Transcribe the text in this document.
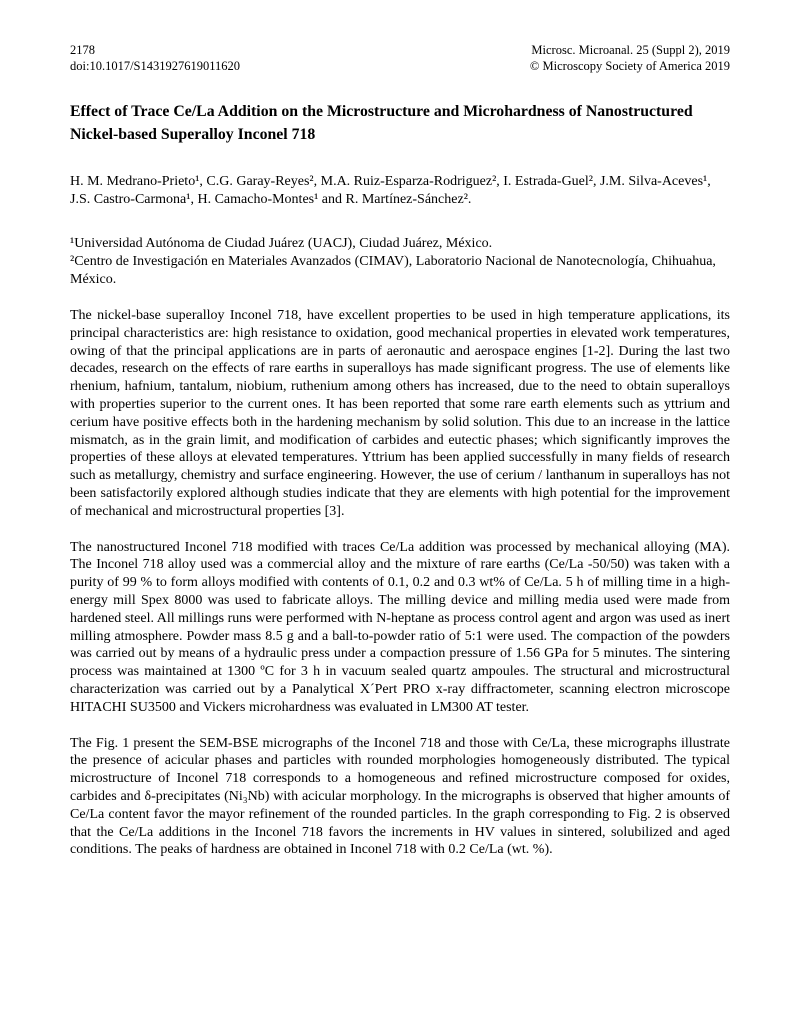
2178
doi:10.1017/S1431927619011620
Microsc. Microanal. 25 (Suppl 2), 2019
© Microscopy Society of America 2019
Effect of Trace Ce/La Addition on the Microstructure and Microhardness of Nanostructured Nickel-based Superalloy Inconel 718

H. M. Medrano-Prieto¹, C.G. Garay-Reyes², M.A. Ruiz-Esparza-Rodriguez², I. Estrada-Guel², J.M. Silva-Aceves¹, J.S. Castro-Carmona¹, H. Camacho-Montes¹ and R. Martínez-Sánchez².

¹Universidad Autónoma de Ciudad Juárez (UACJ), Ciudad Juárez, México.
²Centro de Investigación en Materiales Avanzados (CIMAV), Laboratorio Nacional de Nanotecnología, Chihuahua, México.

The nickel-base superalloy Inconel 718, have excellent properties to be used in high temperature applications, its principal characteristics are: high resistance to oxidation, good mechanical properties in elevated work temperatures, owing of that the principal applications are in parts of aeronautic and aerospace engines [1-2]. During the last two decades, research on the effects of rare earths in superalloys has made significant progress. The use of elements like rhenium, hafnium, tantalum, niobium, ruthenium among others has increased, due to the need to obtain superalloys with properties superior to the current ones. It has been reported that some rare earth elements such as yttrium and cerium have positive effects both in the hardening mechanism by solid solution. This due to an increase in the lattice mismatch, as in the grain limit, and modification of carbides and eutectic phases; which significantly improves the properties of these alloys at elevated temperatures. Yttrium has been applied successfully in many fields of research such as metallurgy, chemistry and surface engineering. However, the use of cerium / lanthanum in superalloys has not been satisfactorily explored although studies indicate that they are elements with high potential for the improvement of mechanical and microstructural properties [3].

The nanostructured Inconel 718 modified with traces Ce/La addition was processed by mechanical alloying (MA). The Inconel 718 alloy used was a commercial alloy and the mixture of rare earths (Ce/La -50/50) was taken with a purity of 99 % to form alloys modified with contents of 0.1, 0.2 and 0.3 wt% of Ce/La. 5 h of milling time in a high-energy mill Spex 8000 was used to fabricate alloys. The milling device and milling media used were made from hardened steel. All millings runs were performed with N-heptane as process control agent and argon was used as inert milling atmosphere. Powder mass 8.5 g and a ball-to-powder ratio of 5:1 were used. The compaction of the powders was carried out by means of a hydraulic press under a compaction pressure of 1.56 GPa for 5 minutes. The sintering process was maintained at 1300 ºC for 3 h in vacuum sealed quartz ampoules. The structural and microstructural characterization was carried out by a Panalytical X´Pert PRO x-ray diffractometer, scanning electron microscope HITACHI SU3500 and Vickers microhardness was evaluated in LM300 AT tester.

The Fig. 1 present the SEM-BSE micrographs of the Inconel 718 and those with Ce/La, these micrographs illustrate the presence of acicular phases and particles with rounded morphologies homogeneously distributed. The typical microstructure of Inconel 718 corresponds to a homogeneous and refined microstructure composed for oxides, carbides and δ-precipitates (Ni₃Nb) with acicular morphology. In the micrographs is observed that higher amounts of Ce/La content favor the mayor refinement of the rounded particles. In the graph corresponding to Fig. 2 is observed that the Ce/La additions in the Inconel 718 favors the increments in HV values in sintered, solubilized and aged conditions. The peaks of hardness are obtained in Inconel 718 with 0.2 Ce/La (wt. %).
